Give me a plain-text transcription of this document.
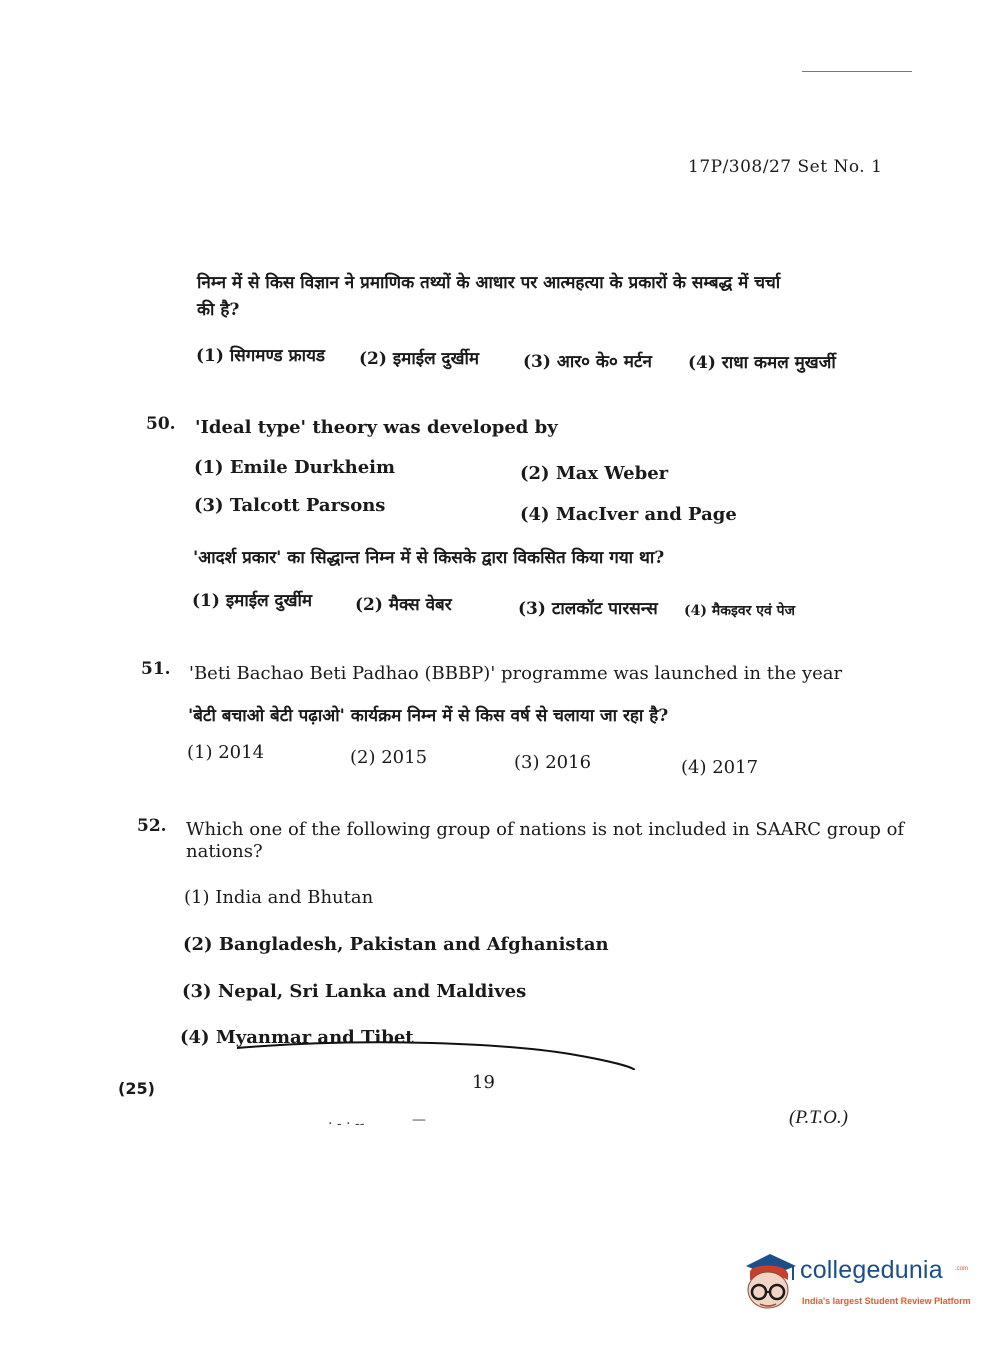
17P/308/27 Set No. 1
निम्न में से किस विज्ञान ने प्रमाणिक तथ्यों के आधार पर आत्महत्या के प्रकारों के सम्बद्ध में चर्चा
की है?
(1) सिगमण्ड फ्रायड (2) इमाईल दुर्खीम	(3) आर० के० मर्टन (4) राधा कमल मुखर्जी
50. 'Ideal type' theory was developed by
(1) Emile Durkheim	(2) Max Weber
(3) Talcott Parsons	(4) MacIver and Page
'आदर्श प्रकार' का सिद्धान्त निम्न में से किसके द्वारा विकसित किया गया था?
(1) इमाईल दुर्खीम	(2) मैक्स वेबर	(3) टालकॉट पारसन्स (4) मैकइवर एवं पेज
51. 'Beti Bachao Beti Padhao (BBBP)' programme was launched in the year
'बेटी बचाओ बेटी पढ़ाओ' कार्यक्रम निम्न में से किस वर्ष से चलाया जा रहा है?
(1) 2014	(2) 2015	(3) 2016	(4) 2017
52. Which one of the following group of nations is not included in SAARC group of
nations?
(1) India and Bhutan
(2) Bangladesh, Pakistan and Afghanistan
(3) Nepal, Sri Lanka and Maldives
(4) Myanmar and Tibet
(25)	19
(P.T.O.)
· - · --	—
collegedunia .com
India's largest Student Review Platform
